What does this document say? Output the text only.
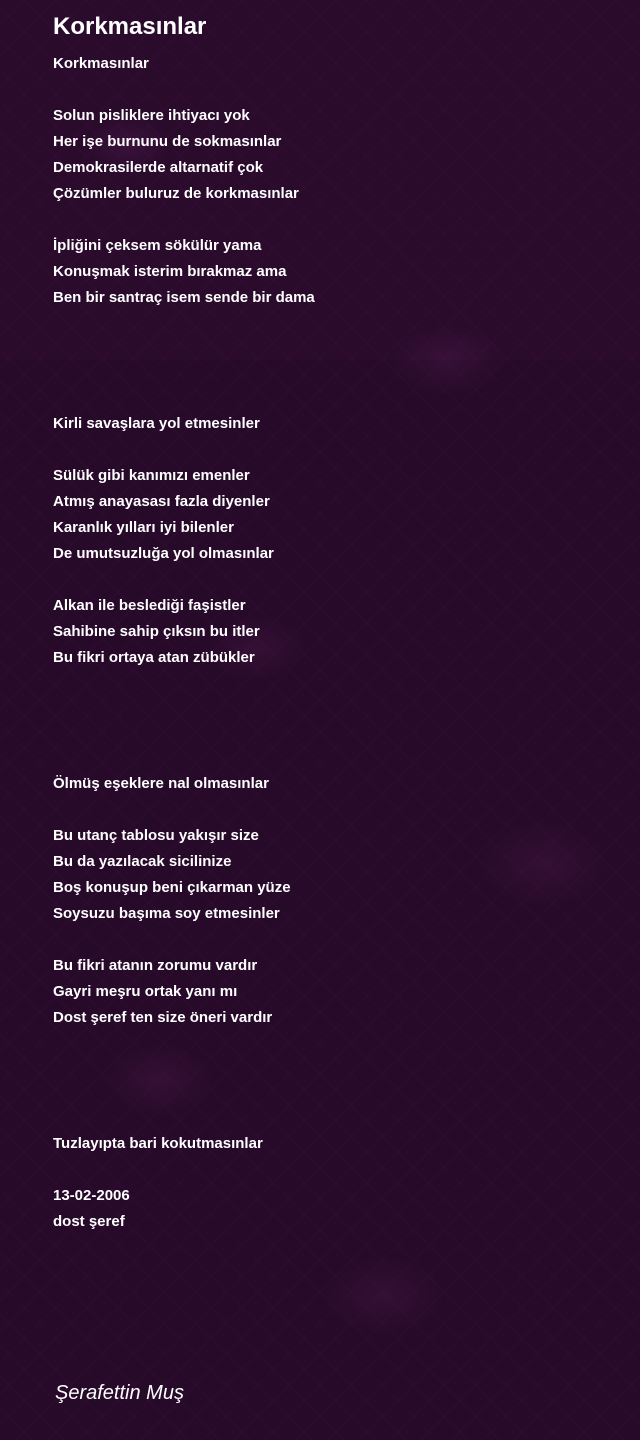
Korkmasınlar
Korkmasınlar
Solun pisliklere ihtiyacı yok
Her işe burnunu de sokmasınlar
Demokrasilerde altarnatif çok
Çözümler buluruz de korkmasınlar
İpliğini çeksem sökülür yama
Konuşmak isterim bırakmaz ama
Ben bir santraç isem sende bir dama
Kirli savaşlara yol etmesinler
Sülük gibi kanımızı emenler
Atmış anayasası fazla diyenler
Karanlık yılları iyi bilenler
De umutsuzluğa yol olmasınlar
Alkan ile beslediği faşistler
Sahibine sahip çıksın bu itler
Bu fikri ortaya atan zübükler
Ölmüş eşeklere nal olmasınlar
Bu utanç tablosu yakışır size
Bu da yazılacak sicilinize
Boş konuşup beni çıkarman yüze
Soysuzu başıma soy etmesinler
Bu fikri atanın zorumu vardır
Gayri meşru ortak yanı mı
Dost şeref ten size öneri vardır
Tuzlayıpta bari kokutmasınlar
13-02-2006
dost şeref
Şerafettin Muş
